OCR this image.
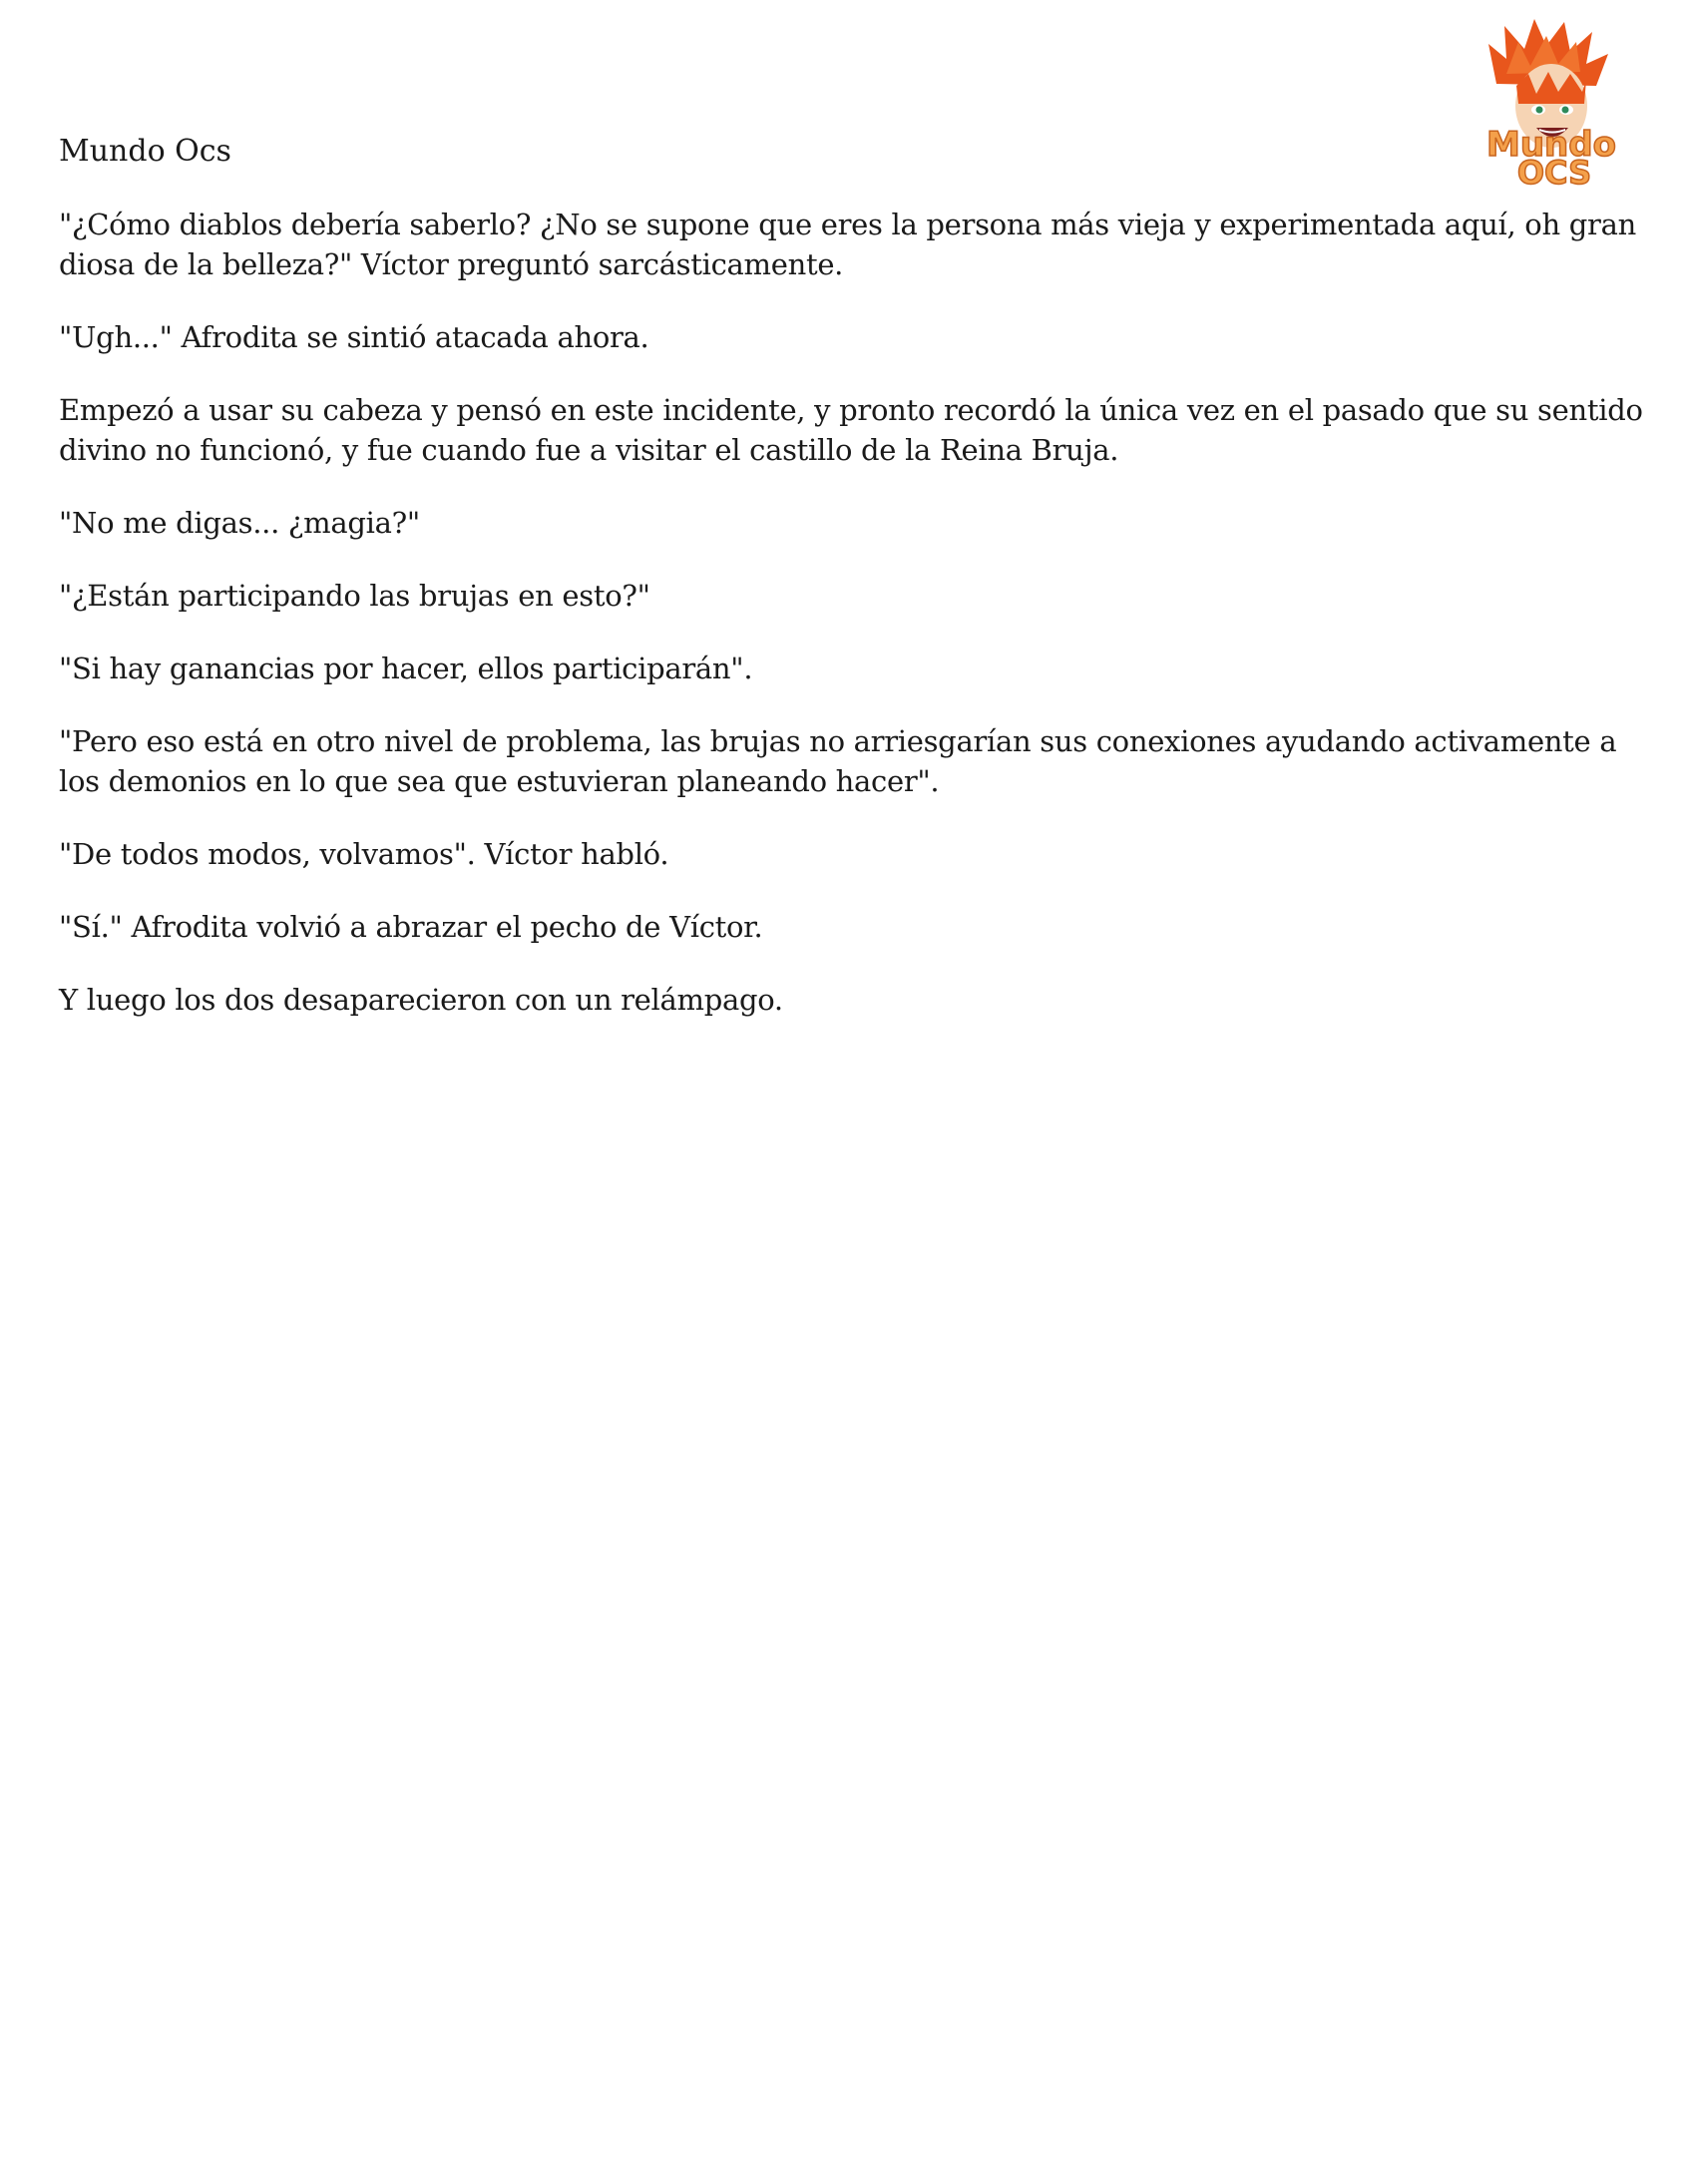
Mundo Ocs	Mundo
OCS

"¿Cómo diablos debería saberlo? ¿No se supone que eres la persona más vieja y experimentada aquí, oh gran diosa de la belleza?" Víctor preguntó sarcásticamente.

"Ugh..." Afrodita se sintió atacada ahora.

Empezó a usar su cabeza y pensó en este incidente, y pronto recordó la única vez en el pasado que su sentido divino no funcionó, y fue cuando fue a visitar el castillo de la Reina Bruja.

"No me digas... ¿magia?"

"¿Están participando las brujas en esto?"

"Si hay ganancias por hacer, ellos participarán".

"Pero eso está en otro nivel de problema, las brujas no arriesgarían sus conexiones ayudando activamente a los demonios en lo que sea que estuvieran planeando hacer".

"De todos modos, volvamos". Víctor habló.

"Sí." Afrodita volvió a abrazar el pecho de Víctor.

Y luego los dos desaparecieron con un relámpago.
